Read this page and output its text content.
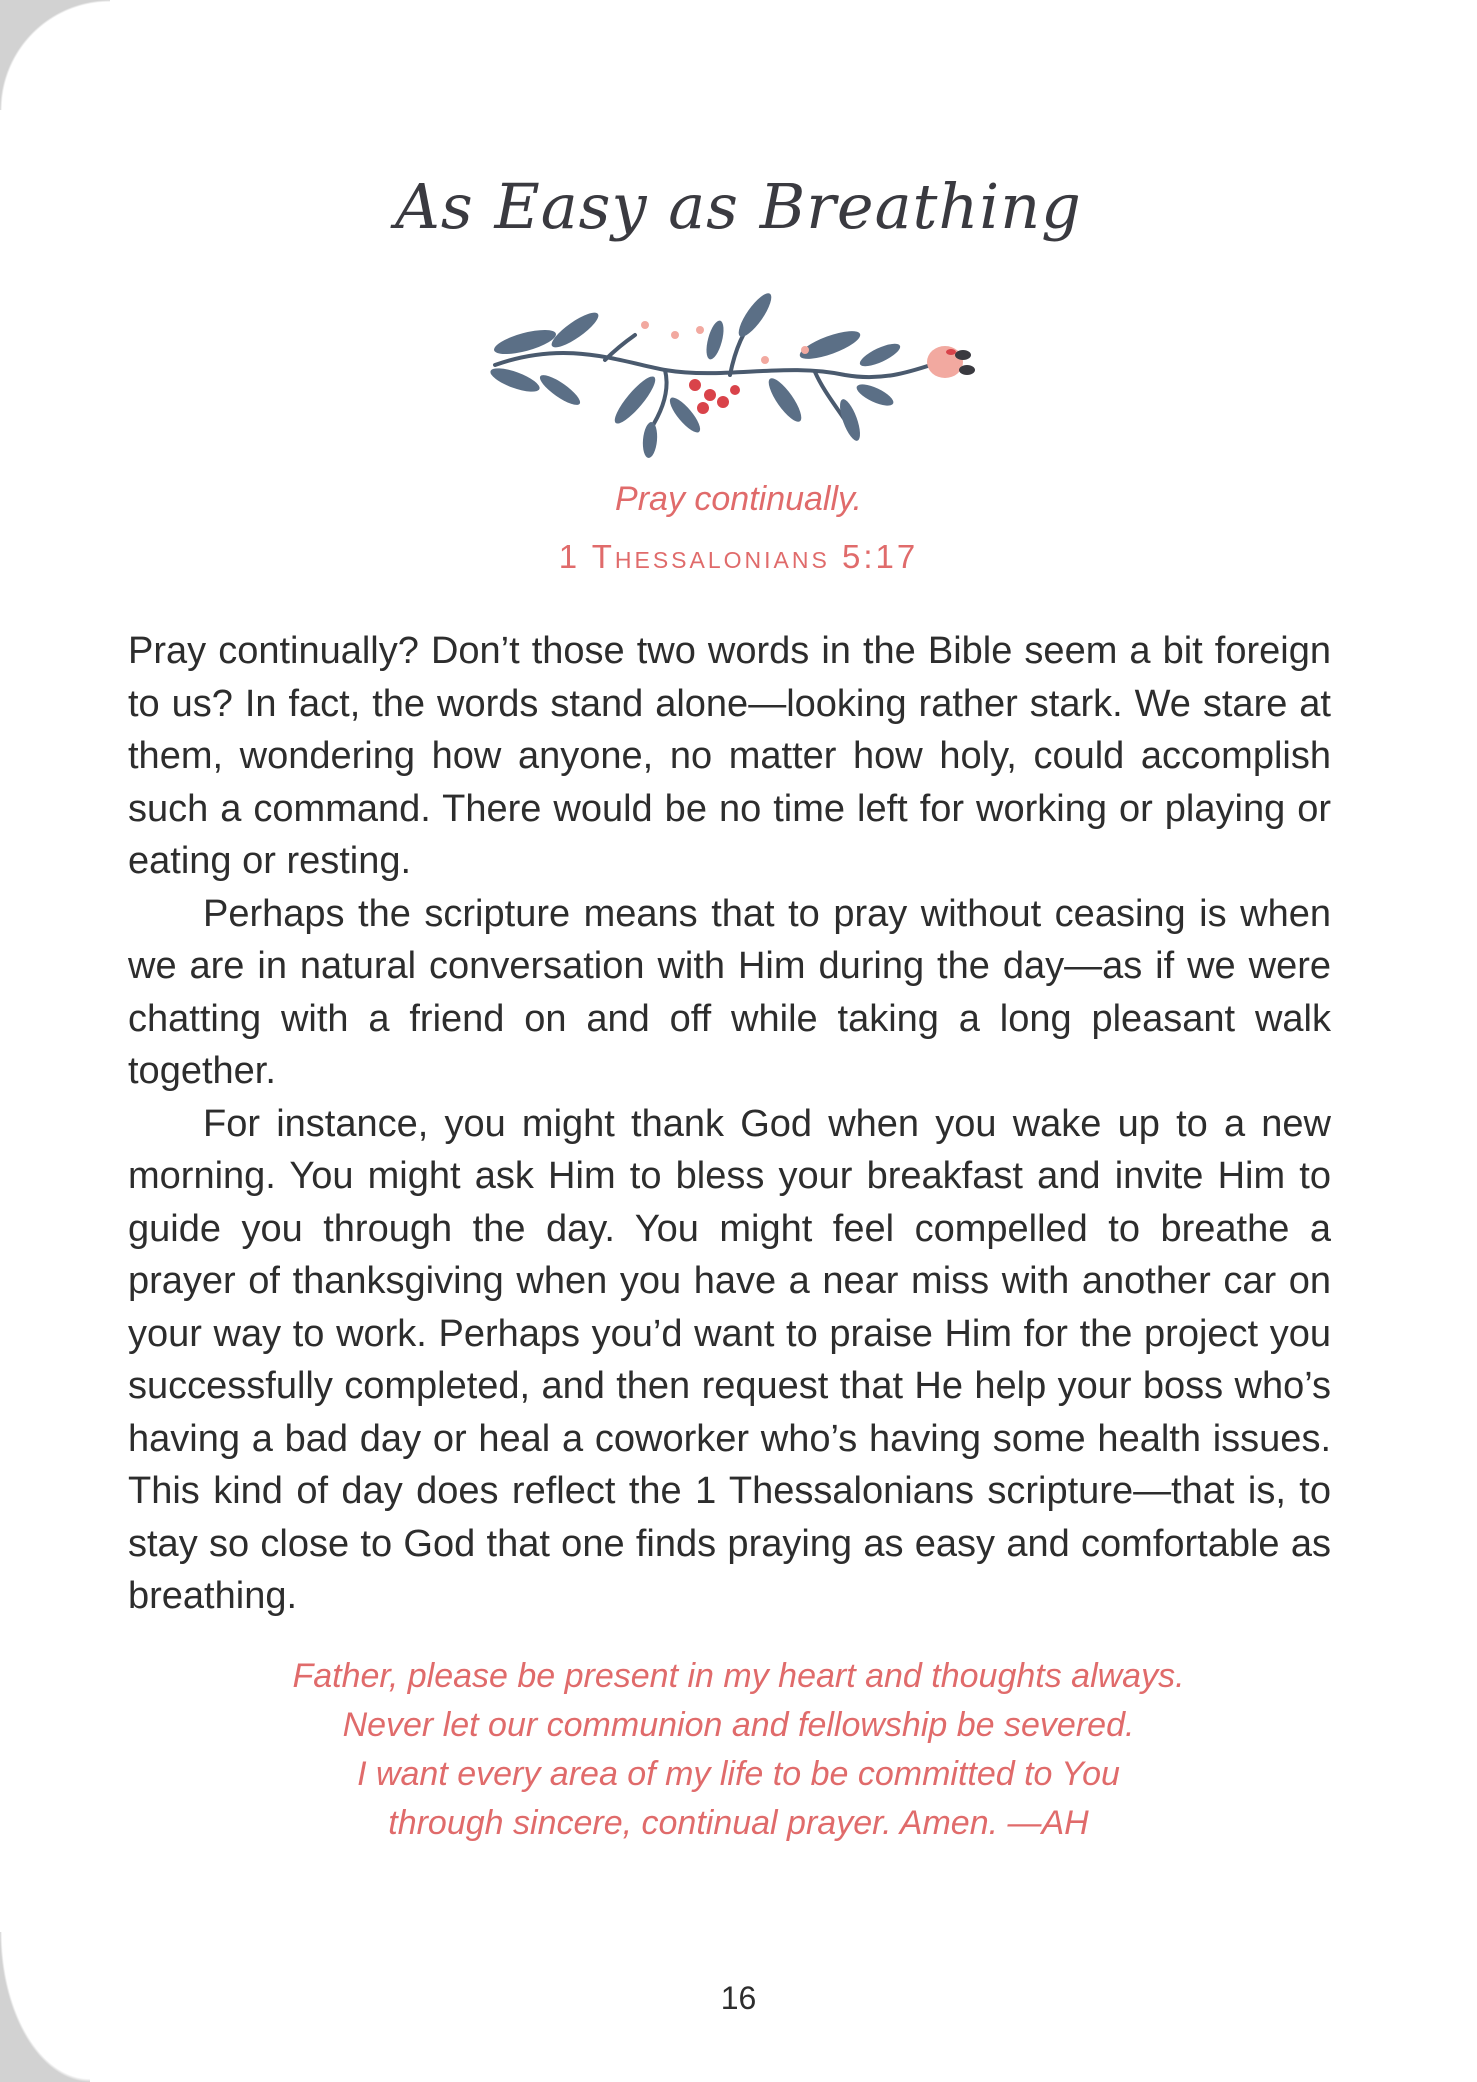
As Easy as Breathing
Pray continually.
1 Thessalonians 5:17

Pray continually? Don’t those two words in the Bible seem a bit foreign to us? In fact, the words stand alone—looking rather stark. We stare at them, wondering how anyone, no matter how holy, could accomplish such a command. There would be no time left for working or playing or eating or resting.

Perhaps the scripture means that to pray without ceasing is when we are in natural conversation with Him during the day—as if we were chatting with a friend on and off while taking a long pleasant walk together.

For instance, you might thank God when you wake up to a new morning. You might ask Him to bless your breakfast and invite Him to guide you through the day. You might feel compelled to breathe a prayer of thanksgiving when you have a near miss with another car on your way to work. Perhaps you’d want to praise Him for the project you successfully completed, and then request that He help your boss who’s having a bad day or heal a coworker who’s having some health issues. This kind of day does reflect the 1 Thessalonians scripture—that is, to stay so close to God that one finds praying as easy and comfortable as breathing.

Father, please be present in my heart and thoughts always.
Never let our communion and fellowship be severed.
I want every area of my life to be committed to You
through sincere, continual prayer. Amen. —AH
16
